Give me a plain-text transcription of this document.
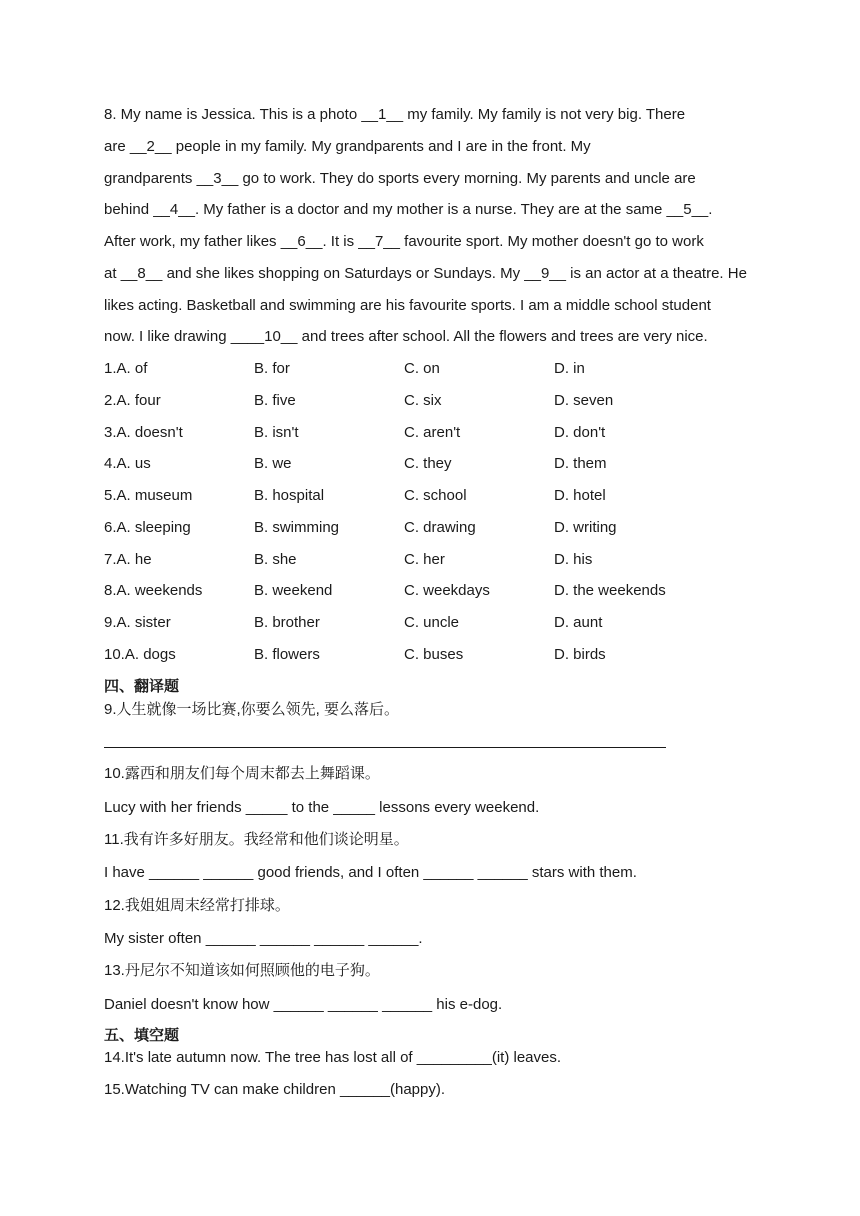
8. My name is Jessica. This is a photo __1__ my family. My family is not very big. There
are __2__ people in my family. My grandparents and I are in the front. My
grandparents __3__ go to work. They do sports every morning. My parents and uncle are
behind __4__. My father is a doctor and my mother is a nurse. They are at the same __5__.
After work, my father likes __6__. It is __7__ favourite sport. My mother doesn't go to work
at __8__ and she likes shopping on Saturdays or Sundays. My __9__ is an actor at a theatre. He
likes acting. Basketball and swimming are his favourite sports. I am a middle school student
now. I like drawing ____10__ and trees after school. All the flowers and trees are very nice.
1.A. of	B. for	C. on	D. in
2.A. four	B. five	C. six	D. seven
3.A. doesn't	B. isn't	C. aren't	D. don't
4.A. us	B. we	C. they	D. them
5.A. museum	B. hospital	C. school	D. hotel
6.A. sleeping	B. swimming	C. drawing	D. writing
7.A. he	B. she	C. her	D. his
8.A. weekends	B. weekend	C. weekdays	D. the weekends
9.A. sister	B. brother	C. uncle	D. aunt
10.A. dogs	B. flowers	C. buses	D. birds
四、翻译题
9.人生就像一场比赛,你要么领先, 要么落后。
10.露西和朋友们每个周末都去上舞蹈课。
Lucy with her friends _____ to the _____ lessons every weekend.
11.我有许多好朋友。我经常和他们谈论明星。
I have ______ ______ good friends, and I often ______ ______ stars with them.
12.我姐姐周末经常打排球。
My sister often ______ ______ ______ ______.
13.丹尼尔不知道该如何照顾他的电子狗。
Daniel doesn't know how ______ ______ ______ his e-dog.
五、填空题
14.It's late autumn now. The tree has lost all of _________(it) leaves.
15.Watching TV can make children ______(happy).
